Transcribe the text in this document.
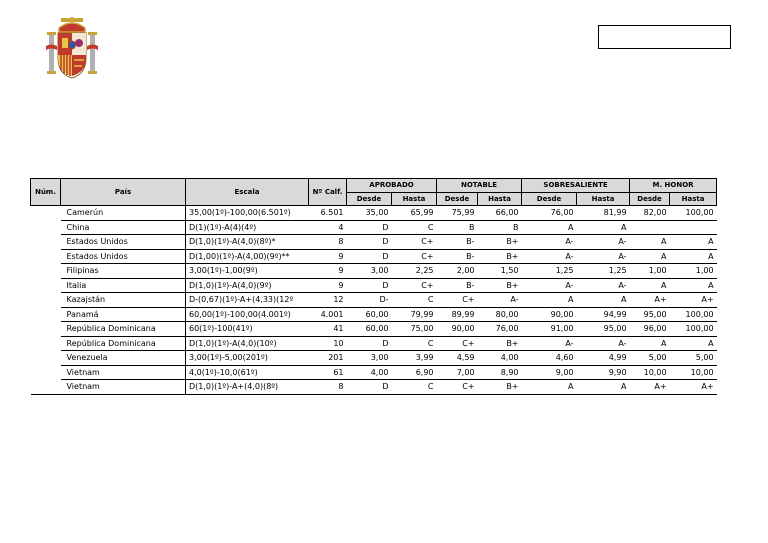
Núm.	País	Escala	Nº Calf.	APROBADO		NOTABLE		SOBRESALIENTE		M. HONOR	
				Desde	Hasta	Desde	Hasta	Desde	Hasta	Desde	Hasta
	Camerún	35,00(1º)-100,00(6.501º)	6.501	35,00	65,99	75,99	66,00	76,00	81,99	82,00	100,00
	China	D(1)(1º)-A(4)(4º)	4	D	C	B	B	A	A		
	Estados Unidos	D(1,0)(1º)-A(4,0)(8º)*	8	D	C+	B-	B+	A-	A-	A	A
	Estados Unidos	D(1,00)(1º)-A(4,00)(9º)**	9	D	C+	B-	B+	A-	A-	A	A
	Filipinas	3,00(1º)-1,00(9º)	9	3,00	2,25	2,00	1,50	1,25	1,25	1,00	1,00
	Italia	D(1,0)(1º)-A(4,0)(9º)	9	D	C+	B-	B+	A-	A-	A	A
	Kazajstán	D-(0,67)(1º)-A+(4,33)(12º	12	D-	C	C+	A-	A	A	A+	A+
	Panamá	60,00(1º)-100,00(4.001º)	4.001	60,00	79,99	89,99	80,00	90,00	94,99	95,00	100,00
	República Dominicana	60(1º)-100(41º)	41	60,00	75,00	90,00	76,00	91,00	95,00	96,00	100,00
	República Dominicana	D(1,0)(1º)-A(4,0)(10º)	10	D	C	C+	B+	A-	A-	A	A
	Venezuela	3,00(1º)-5,00(201º)	201	3,00	3,99	4,59	4,00	4,60	4,99	5,00	5,00
	Vietnam	4,0(1º)-10,0(61º)	61	4,00	6,90	7,00	8,90	9,00	9,90	10,00	10,00
	Vietnam	D(1,0)(1º)-A+(4,0)(8º)	8	D	C	C+	B+	A	A	A+	A+
